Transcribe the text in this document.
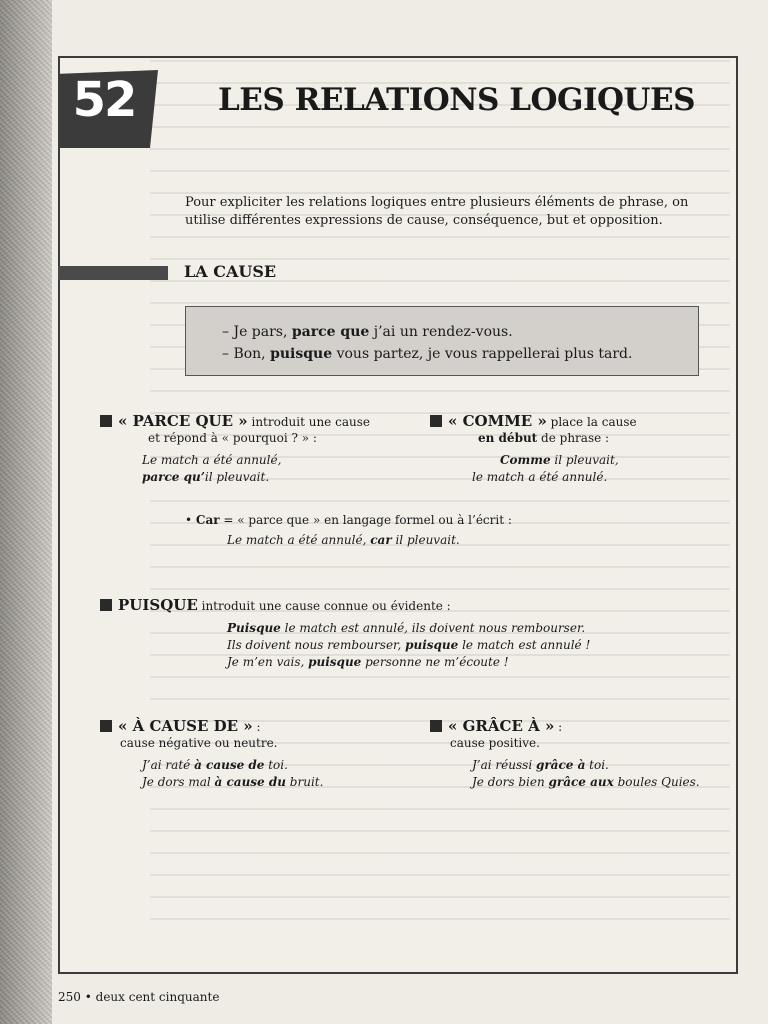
52	LES RELATIONS LOGIQUES
Pour expliciter les relations logiques entre plusieurs éléments de phrase, on
utilise différentes expressions de cause, conséquence, but et opposition.
LA CAUSE
– Je pars, parce que j’ai un rendez-vous.
– Bon, puisque vous partez, je vous rappellerai plus tard.
« PARCE QUE » introduit une cause
et répond à « pourquoi ? » :
Le match a été annulé,
parce qu’il pleuvait.
« COMME » place la cause
en début de phrase :
Comme il pleuvait,
le match a été annulé.
• Car = « parce que » en langage formel ou à l’écrit :
Le match a été annulé, car il pleuvait.
PUISQUE introduit une cause connue ou évidente :
Puisque le match est annulé, ils doivent nous rembourser.
Ils doivent nous rembourser, puisque le match est annulé !
Je m’en vais, puisque personne ne m’écoute !
« À CAUSE DE » :
cause négative ou neutre.
J’ai raté à cause de toi.
Je dors mal à cause du bruit.
« GRÂCE À » :
cause positive.
J’ai réussi grâce à toi.
Je dors bien grâce aux boules Quies.
250 • deux cent cinquante
